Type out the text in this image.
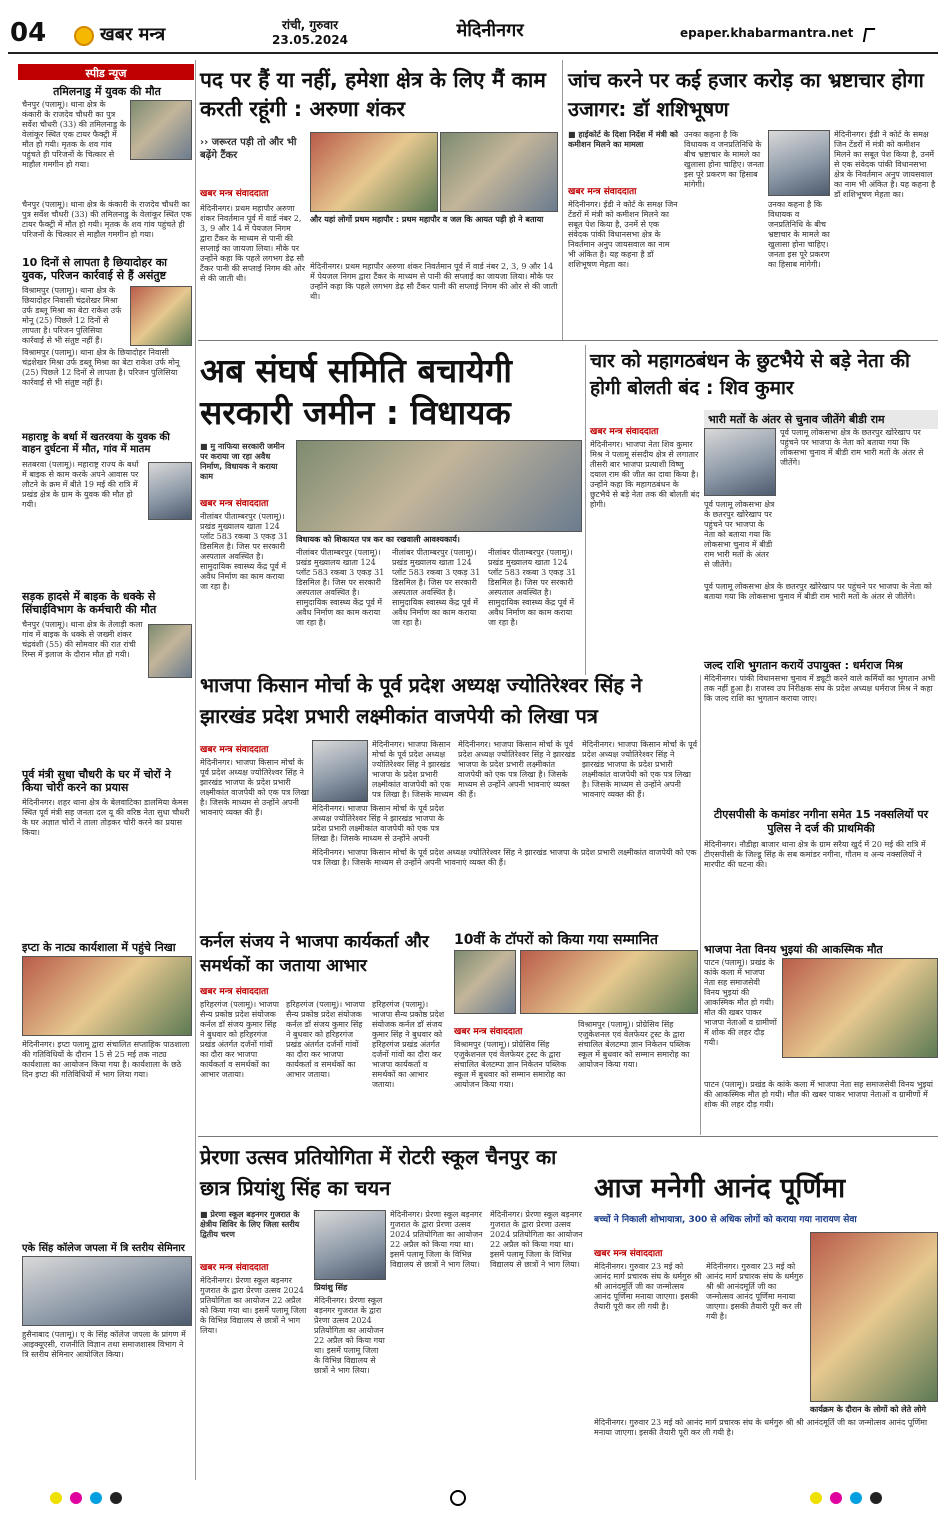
04	खबर मन्त्र	रांची, गुरुवार
23.05.2024	मेदिनीनगर	epaper.khabarmantra.net
स्पीड न्यूज
तमिलनाडु में युवक की मौत
चैनपुर (पलामू)। थाना क्षेत्र के कंकारी के राजदेव चौधरी का पुत्र सर्वेश चौधरी (33) की तमिलनाडु के वेलांकूर स्थित एक टायर फैक्ट्री में मौत हो गयी। मृतक के शव गांव पहुंचते ही परिजनों के चित्कार से माहौल गमगीन हो गया।
चैनपुर (पलामू)। थाना क्षेत्र के कंकारी के राजदेव चौधरी का पुत्र सर्वेश चौधरी (33) की तमिलनाडु के वेलांकूर स्थित एक टायर फैक्ट्री में मौत हो गयी। मृतक के शव गांव पहुंचते ही परिजनों के चित्कार से माहौल गमगीन हो गया।
10 दिनों से लापता है छियादोहर का युवक, परिजन कार्रवाई से हैं असंतुष्ट
विश्रामपुर (पलामू)। थाना क्षेत्र के छियादोहर निवासी चंद्रशेखर मिश्रा उर्फ डब्लू मिश्रा का बेटा राकेश उर्फ मोनू (25) पिछले 12 दिनों से लापता है। परिजन पुलिसिया कार्रवाई से भी संतुष्ट नहीं हैं।
विश्रामपुर (पलामू)। थाना क्षेत्र के छियादोहर निवासी चंद्रशेखर मिश्रा उर्फ डब्लू मिश्रा का बेटा राकेश उर्फ मोनू (25) पिछले 12 दिनों से लापता है। परिजन पुलिसिया कार्रवाई से भी संतुष्ट नहीं हैं।
महाराष्ट्र के बर्धा में खतरवया के युवक की वाहन दुर्घटना में मौत, गांव में मातम
सतबरवा (पलामू)। महाराष्ट्र राज्य के बर्धा में बाइक से काम करके अपने आवास पर लौटने के क्रम में बीते 19 मई की रात्रि में प्रखंड क्षेत्र के ग्राम के युवक की मौत हो गयी।
सड़क हादसे में बाइक के धक्के से सिंचाईविभाग के कर्मचारी की मौत
चैनपुर (पलामू)। थाना क्षेत्र के तेलाड़ी कला गांव में बाइक के धक्के से जख्मी शंकर चंद्रवंशी (55) की सोमवार की रात रांची रिम्स में इलाज के दौरान मौत हो गयी।
पूर्व मंत्री सुधा चौधरी के घर में चोरों ने किया चोरी करने का प्रयास
मेदिनीनगर। शहर थाना क्षेत्र के बेलवाटिका डालमिया केमस स्थित पूर्व मंत्री सह जनता दल यू की वरिष्ठ नेता सुधा चौधरी के घर अज्ञात चोरों ने ताला तोड़कर चोरी करने का प्रयास किया।
इप्टा के नाट्य कार्यशाला में पहुंचे निखा
मेदिनीनगर। इप्टा पलामू द्वारा संचालित सप्ताहिक पाठशाला की गतिविधियों के दौरान 15 से 25 मई तक नाट्य कार्यशाला का आयोजन किया गया है। कार्यशाला के छठे दिन इप्टा की गतिविधियों में भाग लिया गया।
एके सिंह कॉलेज जपला में त्रि स्तरीय सेमिनार
हुसैनाबाद (पलामू)। ए के सिंह कॉलेज जपला के प्रांगण में आइक्यूएसी, राजनीति विज्ञान तथा समाजशास्त्र विभाग ने त्रि स्तरीय सेमिनार आयोजित किया।
पद पर हैं या नहीं, हमेशा क्षेत्र के लिए मैं काम करती रहूंगी : अरुणा शंकर
›› जरूरत पड़ी तो और भी बढ़ेंगे टैंकर
खबर मन्त्र संवाददाता
और यहां लोगों प्रथम महापौर : प्रथम महापौर व जल कि आयत पड़ी हो ने बताया
मेदिनीनगर। प्रथम महापौर अरुणा शंकर निवर्तमान पूर्व में वार्ड नंबर 2, 3, 9 और 14 में पेयजल निगम द्वारा टैंकर के माध्यम से पानी की सप्लाई का जायजा लिया। मौके पर उन्होंने कहा कि पहले लगभग डेढ़ सौ टैंकर पानी की सप्लाई निगम की ओर से की जाती थी।
मेदिनीनगर। प्रथम महापौर अरुणा शंकर निवर्तमान पूर्व में वार्ड नंबर 2, 3, 9 और 14 में पेयजल निगम द्वारा टैंकर के माध्यम से पानी की सप्लाई का जायजा लिया। मौके पर उन्होंने कहा कि पहले लगभग डेढ़ सौ टैंकर पानी की सप्लाई निगम की ओर से की जाती थी।
जांच करने पर कई हजार करोड़ का भ्रष्टाचार होगा उजागर: डॉ शशिभूषण
■ हाईकोर्ट के दिशा निर्देश में मंत्री को कमीशन मिलने का मामला
खबर मन्त्र संवाददाता
मेदिनीनगर। ईडी ने कोर्ट के समक्ष जिन टेंडरों में मंत्री को कमीशन मिलने का सबूत पेश किया है, उनमें से एक संवेदक पांकी विधानसभा क्षेत्र के निवर्तमान अनुप जायसवाल का नाम भी अंकित है। यह कहना है डॉ शशिभूषण मेहता का।
उनका कहना है कि विधायक व जनप्रतिनिधि के बीच भ्रष्टाचार के मामले का खुलासा होना चाहिए। जनता इस पूरे प्रकरण का हिसाब मांगेगी।
उनका कहना है कि विधायक व जनप्रतिनिधि के बीच भ्रष्टाचार के मामले का खुलासा होना चाहिए। जनता इस पूरे प्रकरण का हिसाब मांगेगी।
मेदिनीनगर। ईडी ने कोर्ट के समक्ष जिन टेंडरों में मंत्री को कमीशन मिलने का सबूत पेश किया है, उनमें से एक संवेदक पांकी विधानसभा क्षेत्र के निवर्तमान अनुप जायसवाल का नाम भी अंकित है। यह कहना है डॉ शशिभूषण मेहता का।
अब संघर्ष समिति बचायेगी सरकारी जमीन : विधायक
■ मु नाफिया सरकारी जमीन पर कराया जा रहा अवैध निर्माण, विधायक ने कराया काम
खबर मन्त्र संवाददाता
विधायक को शिकायत पत्र कर का रखवाली आवश्यकार्य।
नीलांबर पीताम्बरपुर (पलामू)। प्रखंड मुख्यालय खाता 124 प्लॉट 583 रकबा 3 एकड़ 31 डिसमिल है। जिस पर सरकारी अस्पताल अवस्थित है। सामुदायिक स्वास्थ्य केंद्र पूर्व में अवैध निर्माण का काम कराया जा रहा है।
नीलांबर पीताम्बरपुर (पलामू)। प्रखंड मुख्यालय खाता 124 प्लॉट 583 रकबा 3 एकड़ 31 डिसमिल है। जिस पर सरकारी अस्पताल अवस्थित है। सामुदायिक स्वास्थ्य केंद्र पूर्व में अवैध निर्माण का काम कराया जा रहा है।
नीलांबर पीताम्बरपुर (पलामू)। प्रखंड मुख्यालय खाता 124 प्लॉट 583 रकबा 3 एकड़ 31 डिसमिल है। जिस पर सरकारी अस्पताल अवस्थित है। सामुदायिक स्वास्थ्य केंद्र पूर्व में अवैध निर्माण का काम कराया जा रहा है।
नीलांबर पीताम्बरपुर (पलामू)। प्रखंड मुख्यालय खाता 124 प्लॉट 583 रकबा 3 एकड़ 31 डिसमिल है। जिस पर सरकारी अस्पताल अवस्थित है। सामुदायिक स्वास्थ्य केंद्र पूर्व में अवैध निर्माण का काम कराया जा रहा है।
चार को महागठबंधन के छुटभैये से बड़े नेता की होगी बोलती बंद : शिव कुमार
खबर मन्त्र संवाददाता
मेदिनीनगर। भाजपा नेता शिव कुमार मिश्र ने पलामू संसदीय क्षेत्र से लगातार तीसरी बार भाजपा प्रत्याशी विष्णु दयाल राम की जीत का दावा किया है। उन्होंने कहा कि महागठबंधन के छुटभैये से बड़े नेता तक की बोलती बंद होगी।
भारी मतों के अंतर से चुनाव जीतेंगे बीडी राम
पूर्व पलामू लोकसभा क्षेत्र के छतरपुर खोरेखाप पर पहुंचने पर भाजपा के नेता को बताया गया कि लोकसभा चुनाव में बीडी राम भारी मतों के अंतर से जीतेंगे।
पूर्व पलामू लोकसभा क्षेत्र के छतरपुर खोरेखाप पर पहुंचने पर भाजपा के नेता को बताया गया कि लोकसभा चुनाव में बीडी राम भारी मतों के अंतर से जीतेंगे।
पूर्व पलामू लोकसभा क्षेत्र के छतरपुर खोरेखाप पर पहुंचने पर भाजपा के नेता को बताया गया कि लोकसभा चुनाव में बीडी राम भारी मतों के अंतर से जीतेंगे।
भाजपा किसान मोर्चा के पूर्व प्रदेश अध्यक्ष ज्योतिरेश्वर सिंह ने झारखंड प्रदेश प्रभारी लक्ष्मीकांत वाजपेयी को लिखा पत्र
खबर मन्त्र संवाददाता
मेदिनीनगर। भाजपा किसान मोर्चा के पूर्व प्रदेश अध्यक्ष ज्योतिरेश्वर सिंह ने झारखंड भाजपा के प्रदेश प्रभारी लक्ष्मीकांत वाजपेयी को एक पत्र लिखा है। जिसके माध्यम से उन्होंने अपनी भावनाएं व्यक्त की हैं।
मेदिनीनगर। भाजपा किसान मोर्चा के पूर्व प्रदेश अध्यक्ष ज्योतिरेश्वर सिंह ने झारखंड भाजपा के प्रदेश प्रभारी लक्ष्मीकांत वाजपेयी को एक पत्र लिखा है। जिसके माध्यम
मेदिनीनगर। भाजपा किसान मोर्चा के पूर्व प्रदेश अध्यक्ष ज्योतिरेश्वर सिंह ने झारखंड भाजपा के प्रदेश प्रभारी लक्ष्मीकांत वाजपेयी को एक पत्र लिखा है। जिसके माध्यम से उन्होंने अपनी
मेदिनीनगर। भाजपा किसान मोर्चा के पूर्व प्रदेश अध्यक्ष ज्योतिरेश्वर सिंह ने झारखंड भाजपा के प्रदेश प्रभारी लक्ष्मीकांत वाजपेयी को एक पत्र लिखा है। जिसके माध्यम से उन्होंने अपनी भावनाएं व्यक्त की हैं।
मेदिनीनगर। भाजपा किसान मोर्चा के पूर्व प्रदेश अध्यक्ष ज्योतिरेश्वर सिंह ने झारखंड भाजपा के प्रदेश प्रभारी लक्ष्मीकांत वाजपेयी को एक पत्र लिखा है। जिसके माध्यम से उन्होंने अपनी भावनाएं व्यक्त की हैं।
मेदिनीनगर। भाजपा किसान मोर्चा के पूर्व प्रदेश अध्यक्ष ज्योतिरेश्वर सिंह ने झारखंड भाजपा के प्रदेश प्रभारी लक्ष्मीकांत वाजपेयी को एक पत्र लिखा है। जिसके माध्यम से उन्होंने अपनी भावनाएं व्यक्त की हैं।
जल्द राशि भुगतान करायें उपायुक्त : धर्मराज मिश्र
मेदिनीनगर। पांकी विधानसभा चुनाव में ड्यूटी करने वाले कर्मियों का भुगतान अभी तक नहीं हुआ है। राजस्व उप निरीक्षक संघ के प्रदेश अध्यक्ष धर्मराज मिश्र ने कहा कि जल्द राशि का भुगतान कराया जाए।
टीएसपीसी के कमांडर नगीना समेत 15 नक्सलियों पर पुलिस ने दर्ज की प्राथमिकी
मेदिनीनगर। नौडीहा बाजार थाना क्षेत्र के ग्राम सरैया खुर्द में 20 मई की रात्रि में टीएसपीसी के जिल्डू सिंह के सब कमांडर नगीना, गौतम व अन्य नक्सलियों ने मारपीट की घटना की।
भाजपा नेता विनय भुइयां की आकस्मिक मौत
पाटन (पलामू)। प्रखंड के कांके कला में भाजपा नेता सह समाजसेवी विनय भुइयां की आकस्मिक मौत हो गयी। मौत की खबर पाकर भाजपा नेताओं व ग्रामीणों में शोक की लहर दौड़ गयी।
पाटन (पलामू)। प्रखंड के कांके कला में भाजपा नेता सह समाजसेवी विनय भुइयां की आकस्मिक मौत हो गयी। मौत की खबर पाकर भाजपा नेताओं व ग्रामीणों में शोक की लहर दौड़ गयी।
कर्नल संजय ने भाजपा कार्यकर्ता और समर्थकों का जताया आभार
खबर मन्त्र संवाददाता
हरिहरगंज (पलामू)। भाजपा सैन्य प्रकोष्ठ प्रदेश संयोजक कर्नल डॉ संजय कुमार सिंह ने बुधवार को हरिहरगंज प्रखंड अंतर्गत दर्जनों गांवों का दौरा कर भाजपा कार्यकर्ता व समर्थकों का आभार जताया।
हरिहरगंज (पलामू)। भाजपा सैन्य प्रकोष्ठ प्रदेश संयोजक कर्नल डॉ संजय कुमार सिंह ने बुधवार को हरिहरगंज प्रखंड अंतर्गत दर्जनों गांवों का दौरा कर भाजपा कार्यकर्ता व समर्थकों का आभार जताया।
हरिहरगंज (पलामू)। भाजपा सैन्य प्रकोष्ठ प्रदेश संयोजक कर्नल डॉ संजय कुमार सिंह ने बुधवार को हरिहरगंज प्रखंड अंतर्गत दर्जनों गांवों का दौरा कर भाजपा कार्यकर्ता व समर्थकों का आभार जताया।
10वीं के टॉपरों को किया गया सम्मानित
खबर मन्त्र संवाददाता
विश्रामपुर (पलामू)। प्रोग्रेसिव सिंह एजुकेशनल एवं वेलफेयर ट्रस्ट के द्वारा संचालित बेलटम्पा ज्ञान निकेतन पब्लिक स्कूल में बुधवार को सम्मान समारोह का आयोजन किया गया।
विश्रामपुर (पलामू)। प्रोग्रेसिव सिंह एजुकेशनल एवं वेलफेयर ट्रस्ट के द्वारा संचालित बेलटम्पा ज्ञान निकेतन पब्लिक स्कूल में बुधवार को सम्मान समारोह का आयोजन किया गया।
प्रेरणा उत्सव प्रतियोगिता में रोटरी स्कूल चैनपुर का छात्र प्रियांशु सिंह का चयन
■ प्रेरणा स्कूल बड़नगर गुजरात के क्षेत्रीय शिविर के लिए जिला स्तरीय द्वितीय चरण
खबर मन्त्र संवाददाता
मेदिनीनगर। प्रेरणा स्कूल बड़नगर गुजरात के द्वारा प्रेरणा उत्सव 2024 प्रतियोगिता का आयोजन 22 अप्रैल को किया गया था। इसमें पलामू जिला के विभिन्न विद्यालय से छात्रों ने भाग लिया।
प्रियांशु सिंह
मेदिनीनगर। प्रेरणा स्कूल बड़नगर गुजरात के द्वारा प्रेरणा उत्सव 2024 प्रतियोगिता का आयोजन 22 अप्रैल को किया गया था। इसमें पलामू जिला के विभिन्न विद्यालय से छात्रों ने भाग लिया।
मेदिनीनगर। प्रेरणा स्कूल बड़नगर गुजरात के द्वारा प्रेरणा उत्सव 2024 प्रतियोगिता का आयोजन 22 अप्रैल को किया गया था। इसमें पलामू जिला के विभिन्न विद्यालय से छात्रों ने भाग लिया।
मेदिनीनगर। प्रेरणा स्कूल बड़नगर गुजरात के द्वारा प्रेरणा उत्सव 2024 प्रतियोगिता का आयोजन 22 अप्रैल को किया गया था। इसमें पलामू जिला के विभिन्न विद्यालय से छात्रों ने भाग लिया।
आज मनेगी आनंद पूर्णिमा
बच्चों ने निकाली शोभायात्रा, 300 से अधिक लोगों को कराया गया नारायण सेवा
खबर मन्त्र संवाददाता
मेदिनीनगर। गुरुवार 23 मई को आनंद मार्ग प्रचारक संघ के धर्मगुरु श्री श्री आनंदमूर्ति जी का जन्मोत्सव आनंद पूर्णिमा मनाया जाएगा। इसकी तैयारी पूरी कर ली गयी है।
मेदिनीनगर। गुरुवार 23 मई को आनंद मार्ग प्रचारक संघ के धर्मगुरु श्री श्री आनंदमूर्ति जी का जन्मोत्सव आनंद पूर्णिमा मनाया जाएगा। इसकी तैयारी पूरी कर ली गयी है।
कार्यक्रम के दौरान के लोगों को लेते लोगे
मेदिनीनगर। गुरुवार 23 मई को आनंद मार्ग प्रचारक संघ के धर्मगुरु श्री श्री आनंदमूर्ति जी का जन्मोत्सव आनंद पूर्णिमा मनाया जाएगा। इसकी तैयारी पूरी कर ली गयी है।
